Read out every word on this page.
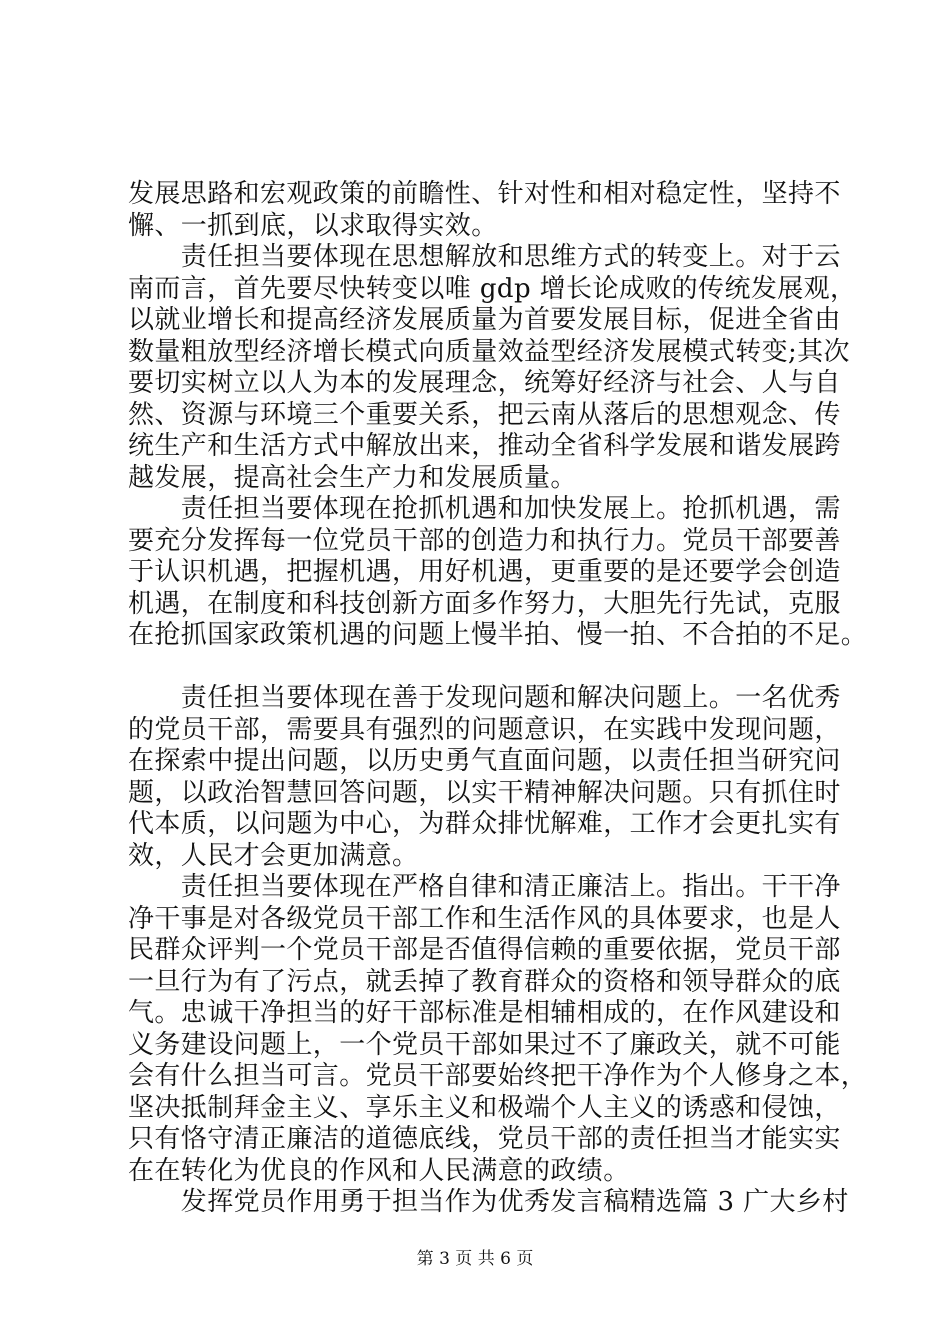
发展思路和宏观政策的前瞻性、针对性和相对稳定性，坚持不
懈、一抓到底，以求取得实效。
　　责任担当要体现在思想解放和思维方式的转变上。对于云
南而言，首先要尽快转变以唯 gdp 增长论成败的传统发展观，
以就业增长和提高经济发展质量为首要发展目标，促进全省由
数量粗放型经济增长模式向质量效益型经济发展模式转变;其次
要切实树立以人为本的发展理念，统筹好经济与社会、人与自
然、资源与环境三个重要关系，把云南从落后的思想观念、传
统生产和生活方式中解放出来，推动全省科学发展和谐发展跨
越发展，提高社会生产力和发展质量。
　　责任担当要体现在抢抓机遇和加快发展上。抢抓机遇，需
要充分发挥每一位党员干部的创造力和执行力。党员干部要善
于认识机遇，把握机遇，用好机遇，更重要的是还要学会创造
机遇，在制度和科技创新方面多作努力，大胆先行先试，克服
在抢抓国家政策机遇的问题上慢半拍、慢一拍、不合拍的不足。
　　责任担当要体现在善于发现问题和解决问题上。一名优秀
的党员干部，需要具有强烈的问题意识，在实践中发现问题，
在探索中提出问题，以历史勇气直面问题，以责任担当研究问
题，以政治智慧回答问题，以实干精神解决问题。只有抓住时
代本质，以问题为中心，为群众排忧解难，工作才会更扎实有
效，人民才会更加满意。
　　责任担当要体现在严格自律和清正廉洁上。指出。干干净
净干事是对各级党员干部工作和生活作风的具体要求，也是人
民群众评判一个党员干部是否值得信赖的重要依据，党员干部
一旦行为有了污点，就丢掉了教育群众的资格和领导群众的底
气。忠诚干净担当的好干部标准是相辅相成的，在作风建设和
义务建设问题上，一个党员干部如果过不了廉政关，就不可能
会有什么担当可言。党员干部要始终把干净作为个人修身之本，
坚决抵制拜金主义、享乐主义和极端个人主义的诱惑和侵蚀，
只有恪守清正廉洁的道德底线，党员干部的责任担当才能实实
在在转化为优良的作风和人民满意的政绩。
　　发挥党员作用勇于担当作为优秀发言稿精选篇 3 广大乡村
第 3 页 共 6 页
